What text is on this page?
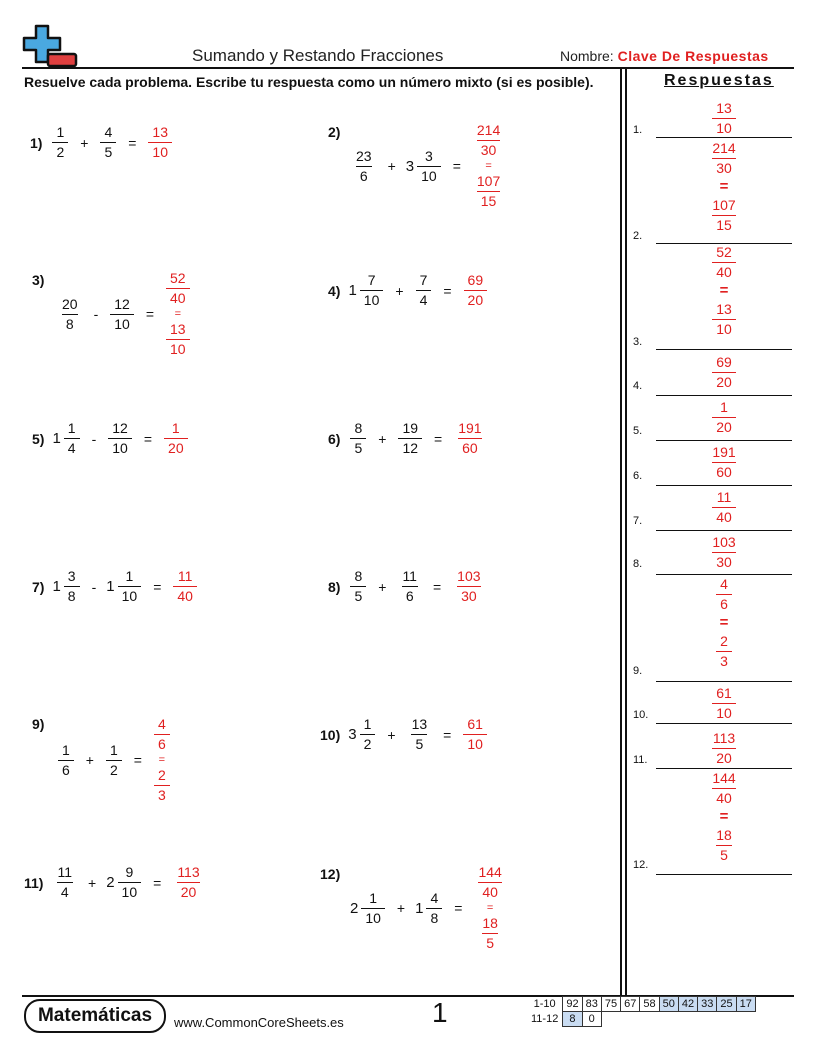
Sumando y Restando Fracciones	Nombre: Clave De Respuestas
Resuelve cada problema. Escribe tu respuesta como un número mixto (si es posible).	Respuestas
$1) \frac{1}{2} + \frac{4}{5} = \frac{13}{10}$	2)
$\frac{23}{6} + 3 \frac{3}{10}$ =
$\frac{214}{30}$
=
$\frac{107}{15}$
3)
$\frac{20}{8} - \frac{12}{10}$ =
$\frac{52}{40}$
=
$\frac{13}{10}$
4) $1 \frac{7}{10} + \frac{7}{4} = \frac{69}{20}$
5) $1 \frac{1}{4} - \frac{12}{10} = \frac{1}{20}$	$6) \frac{8}{5} + \frac{19}{12} = \frac{191}{60}$
7) $1 \frac{3}{8} - 1 \frac{1}{10} = \frac{11}{40}$	$8) \frac{8}{5} + \frac{11}{6} = \frac{103}{30}$
9)
$\frac{1}{6} + \frac{1}{2}$ =
$\frac{4}{6}$
=
$\frac{2}{3}$
10) $3 \frac{1}{2} + \frac{13}{5} = \frac{61}{10}$
$11) \frac{11}{4} + 2 \frac{9}{10} = \frac{113}{20}$	12)
$2 \frac{1}{10} + 1 \frac{4}{8}$ =
$\frac{144}{40}$
=
$\frac{18}{5}$
$\frac{13}{10}$
1.
$\frac{214}{30}$
=
$\frac{107}{15}$
2.
$\frac{52}{40}$
=
$\frac{13}{10}$
3.
$\frac{69}{20}$
4.
$\frac{1}{20}$
5.
$\frac{191}{60}$
6.
$\frac{11}{40}$
7.
$\frac{103}{30}$
8.
$\frac{4}{6}$
=
$\frac{2}{3}$
9.
$\frac{61}{10}$
10.
$\frac{113}{20}$
11.
$\frac{144}{40}$
=
$\frac{18}{5}$
12.
Matemáticas	www.CommonCoreSheets.es	1	1-10	92	83	75	67	58	50	42	33	25	17
11-12	8	0								
